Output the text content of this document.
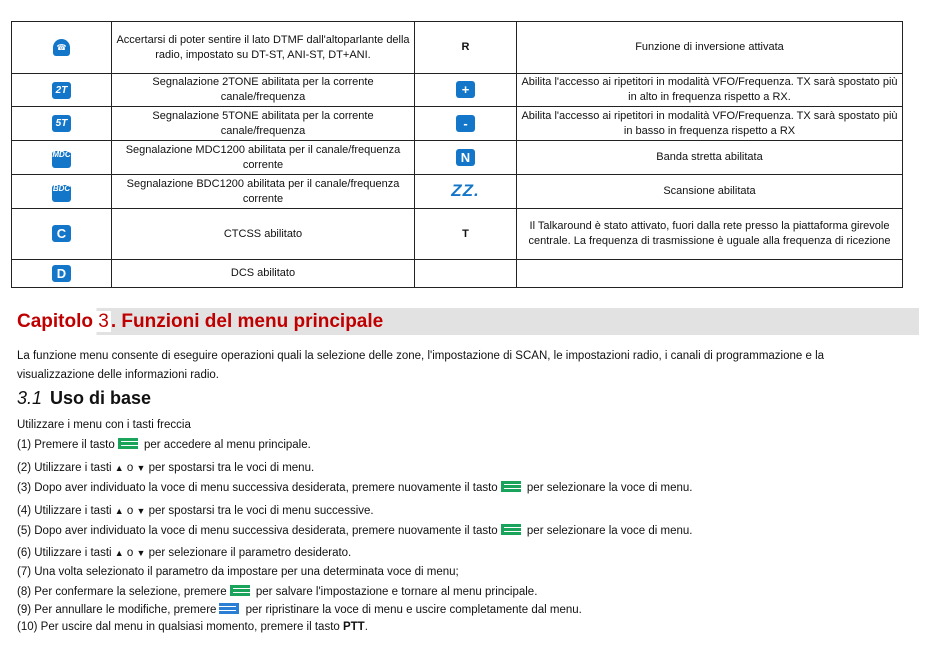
☎	Accertarsi di poter sentire il lato DTMF dall'altoparlante della radio, impostato su DT-ST, ANI-ST, DT+ANI.	R	Funzione di inversione attivata
2T	Segnalazione 2TONE abilitata per la corrente canale/frequenza	+	Abilita l'accesso ai ripetitori in modalità VFO/Frequenza. TX sarà spostato più in alto in frequenza rispetto a RX.
5T	Segnalazione 5TONE abilitata per la corrente canale/frequenza	-	Abilita l'accesso ai ripetitori in modalità VFO/Frequenza. TX sarà spostato più in basso in frequenza rispetto a RX
MDC	Segnalazione MDC1200 abilitata per il canale/frequenza corrente	N	Banda stretta abilitata
BDC	Segnalazione BDC1200 abilitata per il canale/frequenza corrente	ZZ.	Scansione abilitata
C	CTCSS abilitato	T	Il Talkaround è stato attivato, fuori dalla rete presso la piattaforma girevole centrale. La frequenza di trasmissione è uguale alla frequenza di ricezione
D	DCS abilitato		
Capitolo 3 . Funzioni del menu principale
La funzione menu consente di eseguire operazioni quali la selezione delle zone, l'impostazione di SCAN, le impostazioni radio, i canali di programmazione e la visualizzazione delle informazioni radio.
3.1 Uso di base
Utilizzare i menu con i tasti freccia
(1) Premere il tasto
per accedere al menu principale.
(2) Utilizzare i tasti ▲ o ▼ per spostarsi tra le voci di menu.
(3) Dopo aver individuato la voce di menu successiva desiderata, premere nuovamente il tasto
per selezionare la voce di menu.
(4) Utilizzare i tasti ▲ o ▼ per spostarsi tra le voci di menu successive.
(5) Dopo aver individuato la voce di menu successiva desiderata, premere nuovamente il tasto
per selezionare la voce di menu.
(6) Utilizzare i tasti ▲ o ▼ per selezionare il parametro desiderato.
(7) Una volta selezionato il parametro da impostare per una determinata voce di menu;
(8) Per confermare la selezione, premere
per salvare l'impostazione e tornare al menu principale.
(9) Per annullare le modifiche, premere
per ripristinare la voce di menu e uscire completamente dal menu.
(10) Per uscire dal menu in qualsiasi momento, premere il tasto PTT.
